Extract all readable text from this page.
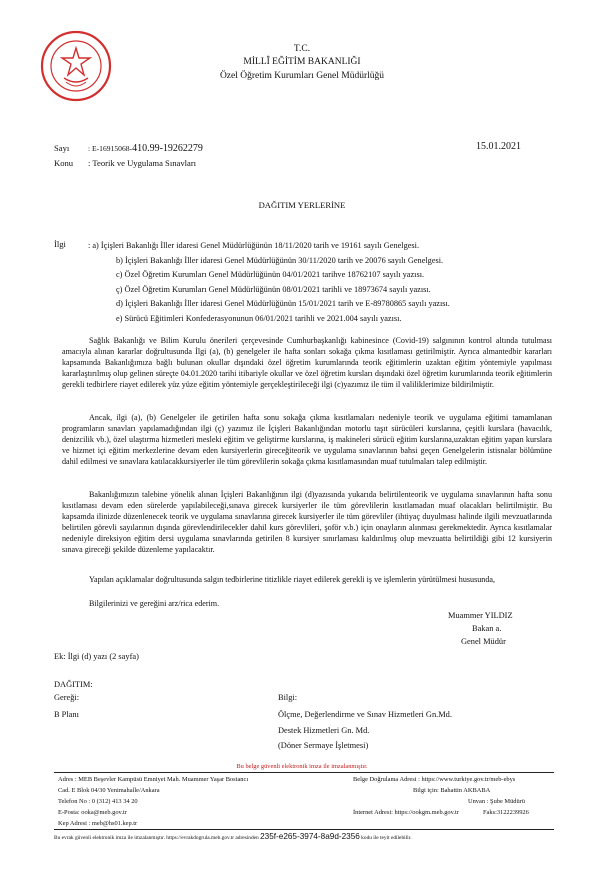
T.C.
MİLLÎ EĞİTİM BAKANLIĞI
Özel Öğretim Kurumları Genel Müdürlüğü
Sayı : E-16915068-410.99-19262279	15.01.2021
Konu : Teorik ve Uygulama Sınavları
DAĞITIM YERLERİNE
İlgi	: a) İçişleri Bakanlığı İller idaresi Genel Müdürlüğünün 18/11/2020 tarih ve 19161 sayılı Genelgesi.
b) İçişleri Bakanlığı İller idaresi Genel Müdürlüğünün 30/11/2020 tarih ve 20076 sayılı Genelgesi.
c) Özel Öğretim Kurumları Genel Müdürlüğünün 04/01/2021 tarihve 18762107 sayılı yazısı.
ç) Özel Öğretim Kurumları Genel Müdürlüğünün 08/01/2021 tarihli ve 18973674 sayılı yazısı.
d) İçişleri Bakanlığı İller idaresi Genel Müdürlüğünün 15/01/2021 tarih ve E-89780865 sayılı yazısı.
e) Sürücü Eğitimleri Konfederasyonunun 06/01/2021 tarihli ve 2021.004 sayılı yazısı.

Sağlık Bakanlığı ve Bilim Kurulu önerileri çerçevesinde Cumhurbaşkanlığı kabinesince (Covid-19) salgınının kontrol altında tutulması amacıyla alınan kararlar doğrultusunda İlgi (a), (b) genelgeler ile hafta sonları sokağa çıkma kısıtlaması getirilmiştir. Ayrıca almantedbir kararları kapsamında Bakanlığımıza bağlı bulunan okullar dışındaki özel öğretim kurumlarında teorik eğitimlerin uzaktan eğitim yöntemiyle yapılması kararlaştırılmış olup gelinen süreçte 04.01.2020 tarihi itibariyle okullar ve özel öğretim kursları dışındaki özel öğretim kurumlarında teorik eğitimlerin gerekli tedbirlere riayet edilerek yüz yüze eğitim yöntemiyle gerçekleştirileceği ilgi (c)yazımız ile tüm il valiliklerimize bildirilmiştir.

Ancak, ilgi (a), (b) Genelgeler ile getirilen hafta sonu sokağa çıkma kısıtlamaları nedeniyle teorik ve uygulama eğitimi tamamlanan programların sınavları yapılamadığından ilgi (ç) yazımız ile İçişleri Bakanlığından motorlu taşıt sürücüleri kurslarına, çeşitli kurslara (havacılık, denizcilik vb.), özel ulaştırma hizmetleri mesleki eğitim ve geliştirme kurslarına, iş makineleri sürücü eğitim kurslarına,uzaktan eğitim yapan kurslara ve hizmet içi eğitim merkezlerine devam eden kursiyerlerin gireceğiteorik ve uygulama sınavlarının bahsi geçen Genelgelerin istisnalar bölümüne dahil edilmesi ve sınavlara katılacakkursiyerler ile tüm görevlilerin sokağa çıkma kısıtlamasından muaf tutulmaları talep edilmiştir.

Bakanlığımızın talebine yönelik alınan İçişleri Bakanlığının ilgi (d)yazısında yukarıda belirtilenteorik ve uygulama sınavlarının hafta sonu kısıtlaması devam eden sürelerde yapılabileceği,sınava girecek kursiyerler ile tüm görevlilerin kısıtlamadan muaf olacakları belirtilmiştir. Bu kapsamda ilinizde düzenlenecek teorik ve uygulama sınavlarına girecek kursiyerler ile tüm görevliler (ihtiyaç duyulması halinde ilgili mevzuatlarında belirtilen görevli sayılarının dışında görevlendirilecekler dahil kurs görevlileri, şoför v.b.) için onayların alınması gerekmektedir. Ayrıca kısıtlamalar nedeniyle direksiyon eğitim dersi uygulama sınavlarında getirilen 8 kursiyer sınırlaması kaldırılmış olup mevzuatta belirtildiği gibi 12 kursiyerin sınava gireceği şekilde düzenleme yapılacaktır.

Yapılan açıklamalar doğrultusunda salgın tedbirlerine titizlikle riayet edilerek gerekli iş ve işlemlerin yürütülmesi hususunda,

Bilgilerinizi ve gereğini arz/rica ederim.

Muammer YILDIZ
Bakan a.
Genel Müdür
Ek: İlgi (d) yazı (2 sayfa)
DAĞITIM:
Gereği:
B Planı
Bilgi:
Ölçme, Değerlendirme ve Sınav Hizmetleri Gn.Md.
Destek Hizmetleri Gn. Md.
(Döner Sermaye İşletmesi)
Bu belge güvenli elektronik imza ile imzalanmıştır.
Adres : MEB Beşevler Kampüsü Emniyet Mah. Muammer Yaşar Bostancı
Cad. E Blok 04/30 Yenimahalle/Ankara
Telefon No : 0 (312) 413 34 20
E-Posta: ooka@meb.gov.tr
Kep Adresi : meb@hs01.kep.tr
Belge Doğrulama Adresi : https://www.turkiye.gov.tr/meb-ebys
Bilgi için: Bahattin AKBABA
Unvan : Şube Müdürü
İnternet Adresi: https://ookgm.meb.gov.tr	Faks:3122239926
Bu evrak güvenli elektronik imza ile imzalanmıştır. https://evrakdogrula.meb.gov.tr adresinden 235f-e265-3974-8a9d-2356 kodu ile teyit edilebilir.
